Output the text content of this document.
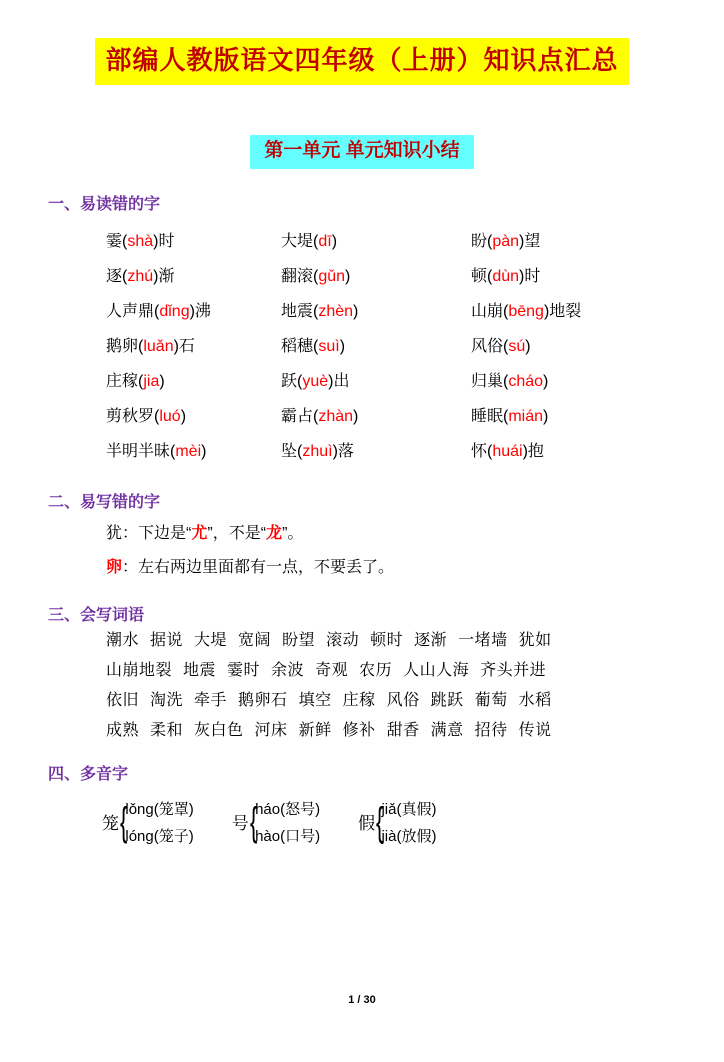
部编人教版语文四年级（上册）知识点汇总
第一单元 单元知识小结
一、易读错的字
霎(shà)时	大堤(dī)	盼(pàn)望
逐(zhú)渐	翻滚(gǔn)	顿(dùn)时
人声鼎(dǐng)沸	地震(zhèn)	山崩(bēng)地裂
鹅卵(luǎn)石	稻穗(suì)	风俗(sú)
庄稼(jia)	跃(yuè)出	归巢(cháo)
剪秋罗(luó)	霸占(zhàn)	睡眠(mián)
半明半昧(mèi)	坠(zhuì)落	怀(huái)抱
二、易写错的字
犹：下边是“尤”，不是“龙”。
卵：左右两边里面都有一点，不要丢了。
三、会写词语
潮水 据说 大堤 宽阔 盼望 滚动 顿时 逐渐 一堵墙 犹如
山崩地裂 地震 霎时 余波 奇观 农历 人山人海 齐头并进
依旧 淘洗 牵手 鹅卵石 填空 庄稼 风俗 跳跃 葡萄 水稻
成熟 柔和 灰白色 河床 新鲜 修补 甜香 满意 招待 传说
四、多音字
笼 {
lǒng(笼罩)
lóng(笼子)
号 {
háo(怒号)
hào(口号)
假 {
jiǎ(真假)
jià(放假)
1 / 30
